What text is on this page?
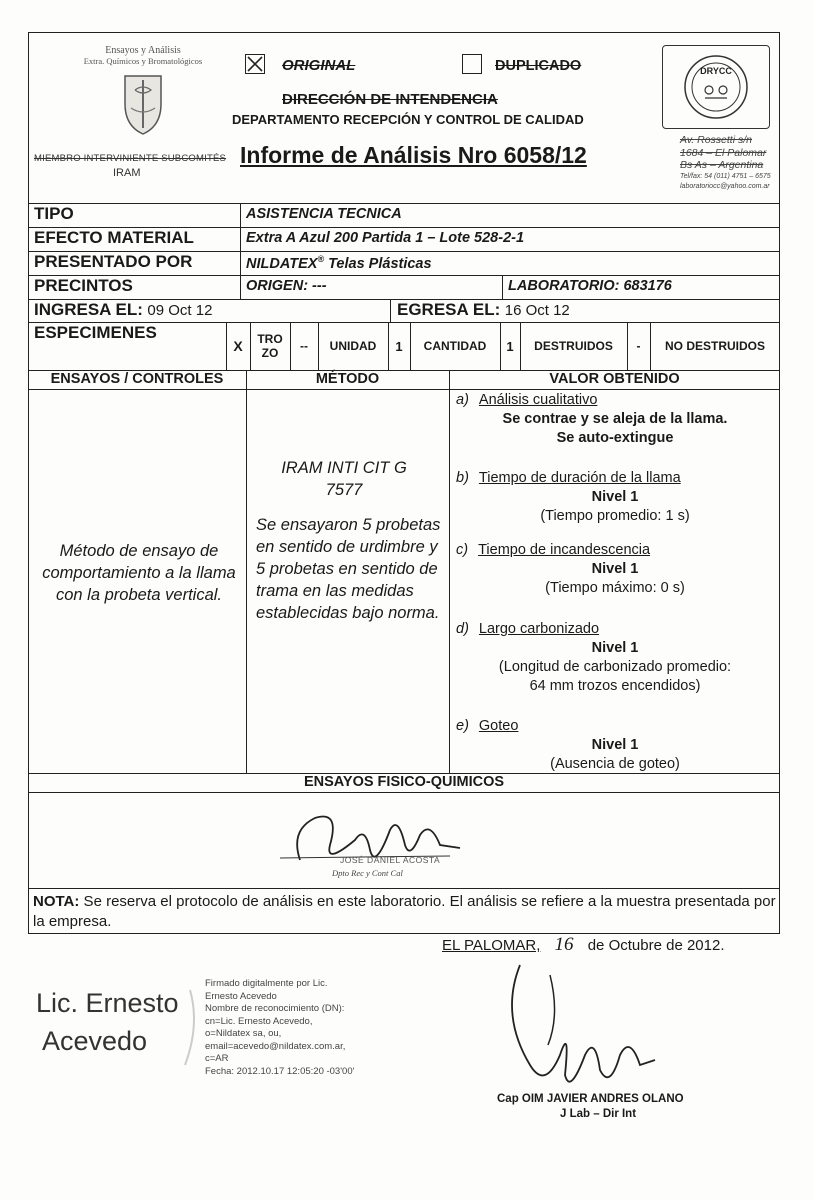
Ensayos y Análisis
Extra. Químicos y Bromatológicos
MIEMBRO INTERVINIENTE SUBCOMITÉS
IRAM
ORIGINAL	DUPLICADO
DIRECCIÓN DE INTENDENCIA
DEPARTAMENTO RECEPCIÓN Y CONTROL DE CALIDAD
Informe de Análisis Nro 6058/12
DRYCC
Av. Rossetti s/n
1684 – El Palomar
Bs As – Argentina
Tel/fax: 54 (011) 4751 – 6575
laboratoriocc@yahoo.com.ar
TIPO	ASISTENCIA TECNICA
EFECTO MATERIAL	Extra A Azul 200 Partida 1 – Lote 528-2-1
PRESENTADO POR	NILDATEX® Telas Plásticas
PRECINTOS	ORIGEN: ---	LABORATORIO: 683176
INGRESA EL: 09 Oct 12	EGRESA EL: 16 Oct 12
ESPECIMENES
X	TRO ZO	--	UNIDAD	1	CANTIDAD	1	DESTRUIDOS	-	NO DESTRUIDOS
ENSAYOS / CONTROLES	MÉTODO	VALOR OBTENIDO
Método de ensayo de comportamiento a la llama con la probeta vertical.
IRAM INTI CIT G 7577
Se ensayaron 5 probetas en sentido de urdimbre y 5 probetas en sentido de trama en las medidas establecidas bajo norma.
a) Análisis cualitativo
Se contrae y se aleja de la llama.
Se auto-extingue
b) Tiempo de duración de la llama
Nivel 1
(Tiempo promedio: 1 s)
c) Tiempo de incandescencia
Nivel 1
(Tiempo máximo: 0 s)
d) Largo carbonizado
Nivel 1
(Longitud de carbonizado promedio:
64 mm trozos encendidos)
e) Goteo
Nivel 1
(Ausencia de goteo)
ENSAYOS FISICO-QUIMICOS
JOSÉ DANIEL ACOSTA
Dpto Rec y Cont Cal
NOTA: Se reserva el protocolo de análisis en este laboratorio. El análisis se refiere a la muestra presentada por la empresa.
EL PALOMAR, 16 de Octubre de 2012.
Lic. Ernesto
Acevedo
Firmado digitalmente por Lic.
Ernesto Acevedo
Nombre de reconocimiento (DN):
cn=Lic. Ernesto Acevedo,
o=Nildatex sa, ou,
email=acevedo@nildatex.com.ar,
c=AR
Fecha: 2012.10.17 12:05:20 -03'00'
Cap OIM JAVIER ANDRES OLANO
J Lab – Dir Int
